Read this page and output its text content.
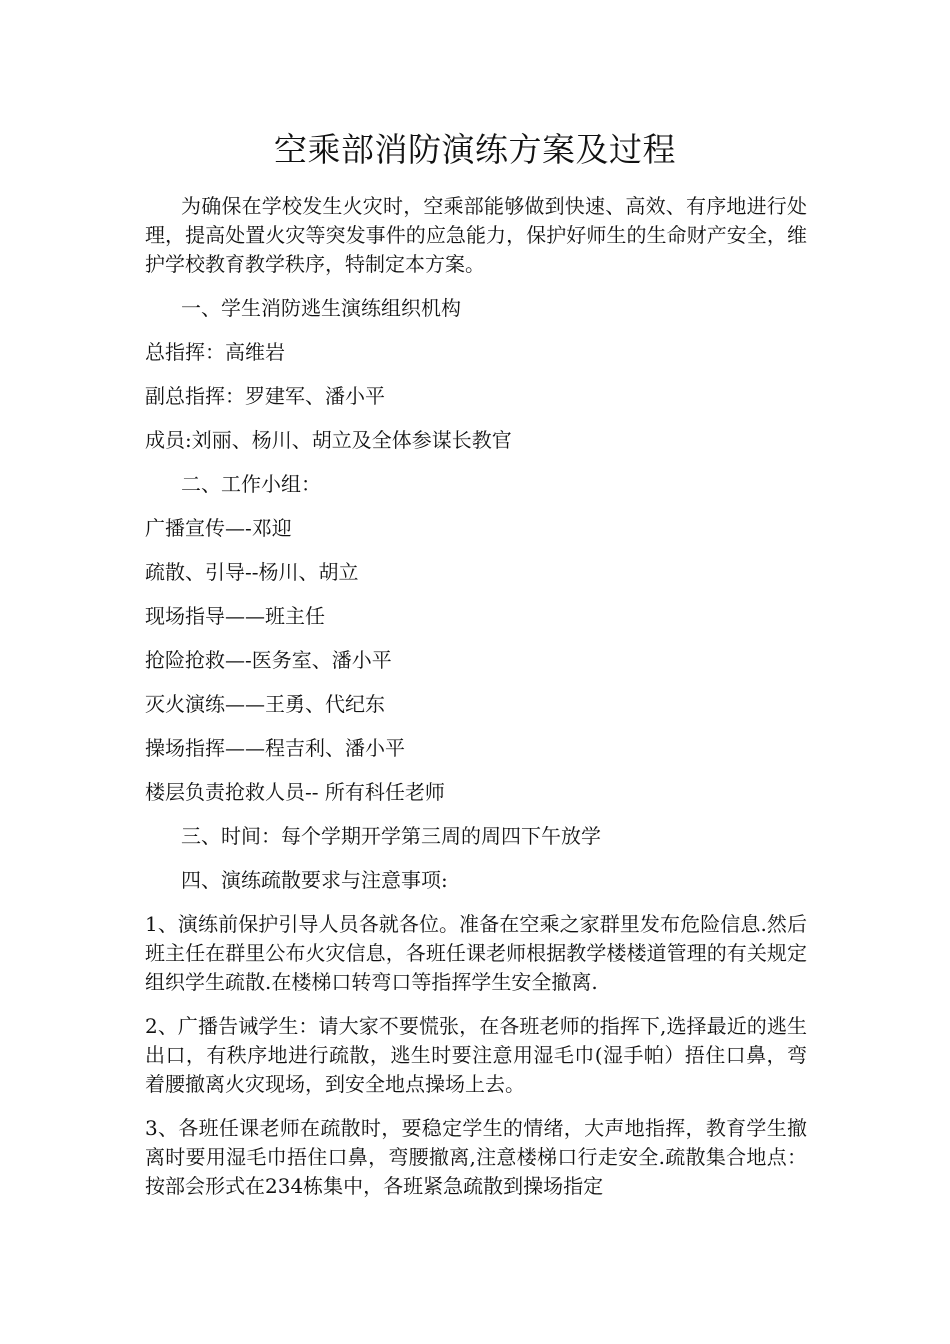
空乘部消防演练方案及过程

为确保在学校发生火灾时，空乘部能够做到快速、高效、有序地进行处理，提高处置火灾等突发事件的应急能力，保护好师生的生命财产安全，维护学校教育教学秩序，特制定本方案。

一、学生消防逃生演练组织机构

总指挥：高维岩

副总指挥：罗建军、潘小平

成员:刘丽、杨川、胡立及全体参谋长教官

二、工作小组：

广播宣传—-邓迎

疏散、引导--杨川、胡立

现场指导——班主任

抢险抢救—-医务室、潘小平

灭火演练——王勇、代纪东

操场指挥——程吉利、潘小平

楼层负责抢救人员-- 所有科任老师

三、时间：每个学期开学第三周的周四下午放学

四、演练疏散要求与注意事项:

1、演练前保护引导人员各就各位。准备在空乘之家群里发布危险信息.然后班主任在群里公布火灾信息，各班任课老师根据教学楼楼道管理的有关规定组织学生疏散.在楼梯口转弯口等指挥学生安全撤离.

2、广播告诫学生：请大家不要慌张，在各班老师的指挥下,选择最近的逃生出口，有秩序地进行疏散，逃生时要注意用湿毛巾(湿手帕）捂住口鼻，弯着腰撤离火灾现场，到安全地点操场上去。

3、各班任课老师在疏散时，要稳定学生的情绪，大声地指挥，教育学生撤离时要用湿毛巾捂住口鼻，弯腰撤离,注意楼梯口行走安全.疏散集合地点：按部会形式在234栋集中，各班紧急疏散到操场指定
